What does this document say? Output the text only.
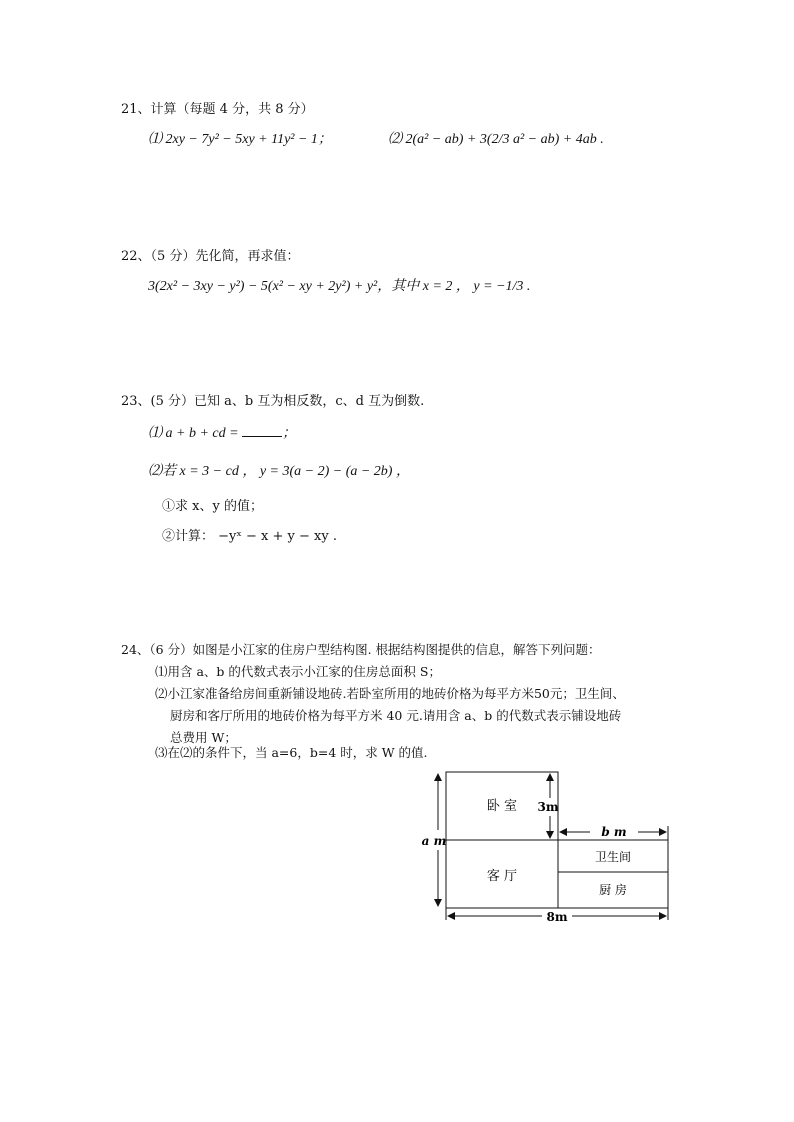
21、计算（每题 4 分，共 8 分）
⑴ 2xy − 7y² − 5xy + 11y² − 1；	⑵ 2(a² − ab) + 3(2/3 a² − ab) + 4ab .
22、（5 分）先化简，再求值：
3(2x² − 3xy − y²) − 5(x² − xy + 2y²) + y²，其中 x = 2 ， y = −1/3 .
23、(5 分）已知 a、b 互为相反数，c、d 互为倒数.
⑴ a + b + cd =	；
⑵若 x = 3 − cd ， y = 3(a − 2) − (a − 2b) ，
①求 x、y 的值；
②计算： −yˣ − x + y − xy .
24、（6 分）如图是小江家的住房户型结构图. 根据结构图提供的信息，解答下列问题：
⑴用含 a、b 的代数式表示小江家的住房总面积 S；
⑵小江家准备给房间重新铺设地砖.若卧室所用的地砖价格为每平方米50元；卫生间、
厨房和客厅所用的地砖价格为每平方米 40 元.请用含 a、b 的代数式表示铺设地砖
总费用 W；
⑶在⑵的条件下，当 a=6，b=4 时，求 W 的值.
卧 室
客 厅
卫生间
厨 房
a m
3m
b m
8m
